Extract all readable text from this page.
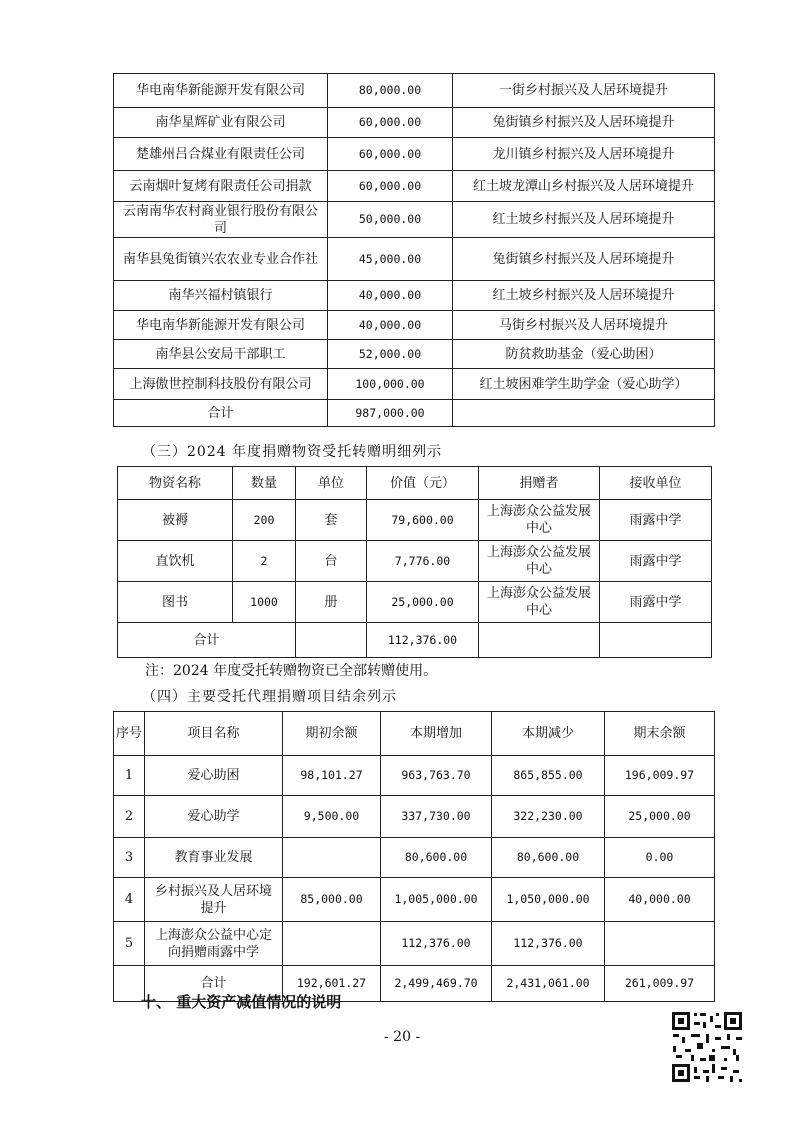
华电南华新能源开发有限公司	80,000.00	一街乡村振兴及人居环境提升
南华星辉矿业有限公司	60,000.00	兔街镇乡村振兴及人居环境提升
楚雄州吕合煤业有限责任公司	60,000.00	龙川镇乡村振兴及人居环境提升
云南烟叶复烤有限责任公司捐款	60,000.00	红土坡龙潭山乡村振兴及人居环境提升
云南南华农村商业银行股份有限公司	50,000.00	红土坡乡村振兴及人居环境提升
南华县兔街镇兴农农业专业合作社	45,000.00	兔街镇乡村振兴及人居环境提升
南华兴福村镇银行	40,000.00	红土坡乡村振兴及人居环境提升
华电南华新能源开发有限公司	40,000.00	马街乡村振兴及人居环境提升
南华县公安局干部职工	52,000.00	防贫救助基金（爱心助困）
上海傲世控制科技股份有限公司	100,000.00	红土坡困难学生助学金（爱心助学）
合计	987,000.00	
（三）2024 年度捐赠物资受托转赠明细列示
物资名称	数量	单位	价值（元）	捐赠者	接收单位
被褥	200	套	79,600.00	上海澎众公益发展中心	雨露中学
直饮机	2	台	7,776.00	上海澎众公益发展中心	雨露中学
图书	1000	册	25,000.00	上海澎众公益发展中心	雨露中学
合计			112,376.00		
注：2024 年度受托转赠物资已全部转赠使用。
（四）主要受托代理捐赠项目结余列示
序号	项目名称	期初余额	本期增加	本期减少	期末余额
1	爱心助困	98,101.27	963,763.70	865,855.00	196,009.97
2	爱心助学	9,500.00	337,730.00	322,230.00	25,000.00
3	教育事业发展		80,600.00	80,600.00	0.00
4	乡村振兴及人居环境提升	85,000.00	1,005,000.00	1,050,000.00	40,000.00
5	上海澎众公益中心定向捐赠雨露中学		112,376.00	112,376.00	
	合计	192,601.27	2,499,469.70	2,431,061.00	261,009.97
十、 重大资产减值情况的说明
- 20 -
